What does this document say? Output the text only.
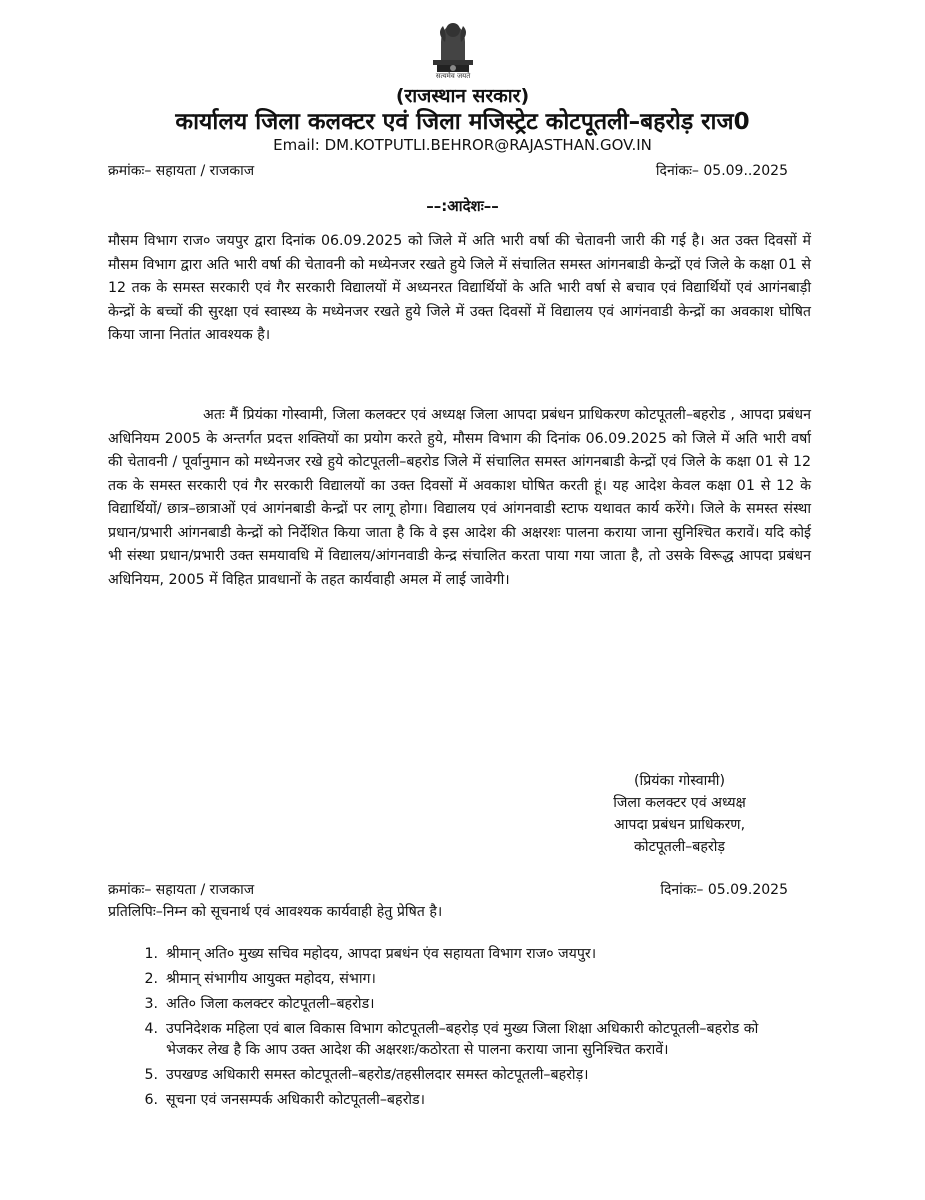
सत्यमेव जयते
(राजस्थान सरकार)
कार्यालय जिला कलक्टर एवं जिला मजिस्ट्रेट कोटपूतली–बहरोड़ राज0
Email: DM.KOTPUTLI.BEHROR@RAJASTHAN.GOV.IN
क्रमांकः– सहायता / राजकाज	दिनांकः– 05.09..2025
––:आदेशः––

मौसम विभाग राज० जयपुर द्वारा दिनांक 06.09.2025 को जिले में अति भारी वर्षा की चेतावनी जारी की गई है। अत उक्त दिवसों में मौसम विभाग द्वारा अति भारी वर्षा की चेतावनी को मध्येनजर रखते हुये जिले में संचालित समस्त आंगनबाडी केन्द्रों एवं जिले के कक्षा 01 से 12 तक के समस्त सरकारी एवं गैर सरकारी विद्यालयों में अध्यनरत विद्यार्थियों के अति भारी वर्षा से बचाव एवं विद्यार्थियों एवं आगंनबाड़ी केन्द्रों के बच्चों की सुरक्षा एवं स्वास्थ्य के मध्येनजर रखते हुये जिले में उक्त दिवसों में विद्यालय एवं आगंनवाडी केन्द्रों का अवकाश घोषित किया जाना नितांत आवश्यक है।

अतः मैं प्रियंका गोस्वामी, जिला कलक्टर एवं अध्यक्ष जिला आपदा प्रबंधन प्राधिकरण कोटपूतली–बहरोड , आपदा प्रबंधन अधिनियम 2005 के अन्तर्गत प्रदत्त शक्तियों का प्रयोग करते हुये, मौसम विभाग की दिनांक 06.09.2025 को जिले में अति भारी वर्षा की चेतावनी / पूर्वानुमान को मध्येनजर रखे हुये कोटपूतली–बहरोड जिले में संचालित समस्त आंगनबाडी केन्द्रों एवं जिले के कक्षा 01 से 12 तक के समस्त सरकारी एवं गैर सरकारी विद्यालयों का उक्त दिवसों में अवकाश घोषित करती हूं। यह आदेश केवल कक्षा 01 से 12 के विद्यार्थियों/ छात्र–छात्राओं एवं आगंनबाडी केन्द्रों पर लागू होगा। विद्यालय एवं आंगनवाडी स्टाफ यथावत कार्य करेंगे। जिले के समस्त संस्था प्रधान/प्रभारी आंगनबाडी केन्द्रों को निर्देशित किया जाता है कि वे इस आदेश की अक्षरशः पालना कराया जाना सुनिश्चित करावें। यदि कोई भी संस्था प्रधान/प्रभारी उक्त समयावधि में विद्यालय/आंगनवाडी केन्द्र संचालित करता पाया गया जाता है, तो उसके विरूद्ध आपदा प्रबंधन अधिनियम, 2005 में विहित प्रावधानों के तहत कार्यवाही अमल में लाई जावेगी।

(प्रियंका गोस्वामी)
जिला कलक्टर एवं अध्यक्ष
आपदा प्रबंधन प्राधिकरण,
कोटपूतली–बहरोड़
क्रमांकः– सहायता / राजकाज	दिनांकः– 05.09.2025
प्रतिलिपिः–निम्न को सूचनार्थ एवं आवश्यक कार्यवाही हेतु प्रेषित है।
1. श्रीमान् अति० मुख्य सचिव महोदय, आपदा प्रबधंन एंव सहायता विभाग राज० जयपुर।
2. श्रीमान् संभागीय आयुक्त महोदय, संभाग।
3. अति० जिला कलक्टर कोटपूतली–बहरोड।
4. उपनिदेशक महिला एवं बाल विकास विभाग कोटपूतली–बहरोड़ एवं मुख्य जिला शिक्षा अधिकारी कोटपूतली–बहरोड को भेजकर लेख है कि आप उक्त आदेश की अक्षरशः/कठोरता से पालना कराया जाना सुनिश्चित करावें।
5. उपखण्ड अधिकारी समस्त कोटपूतली–बहरोड/तहसीलदार समस्त कोटपूतली–बहरोड़।
6. सूचना एवं जनसम्पर्क अधिकारी कोटपूतली–बहरोड।
